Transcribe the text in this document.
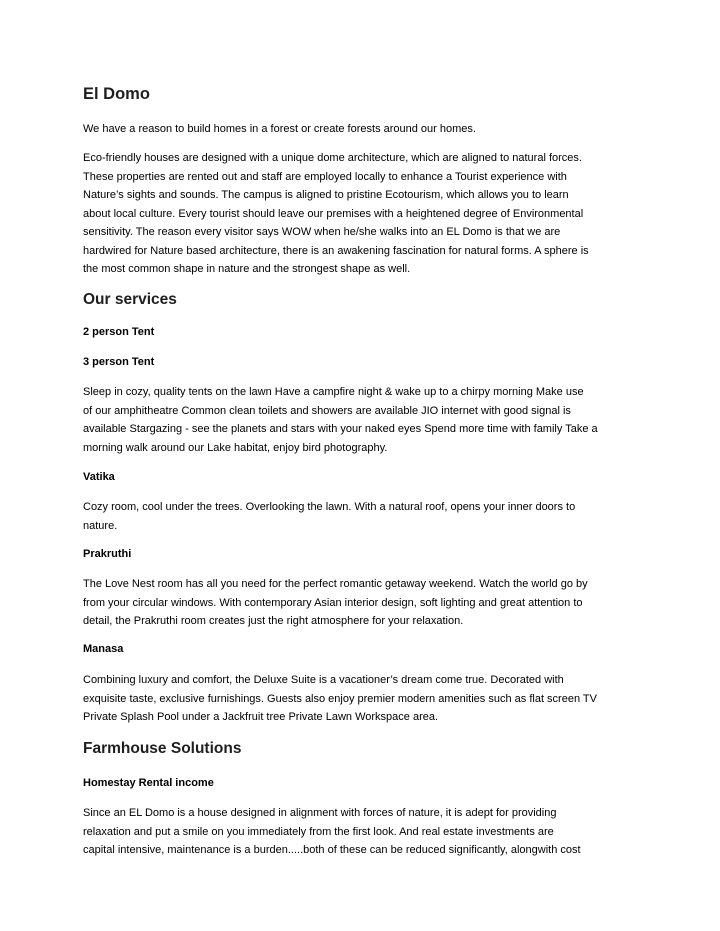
El Domo
We have a reason to build homes in a forest or create forests around our homes.
Eco-friendly houses are designed with a unique dome architecture, which are aligned to natural forces.
These properties are rented out and staff are employed locally to enhance a Tourist experience with
Nature’s sights and sounds. The campus is aligned to pristine Ecotourism, which allows you to learn
about local culture. Every tourist should leave our premises with a heightened degree of Environmental
sensitivity. The reason every visitor says WOW when he/she walks into an EL Domo is that we are
hardwired for Nature based architecture, there is an awakening fascination for natural forms. A sphere is
the most common shape in nature and the strongest shape as well.
Our services
2 person Tent
3 person Tent
Sleep in cozy, quality tents on the lawn Have a campfire night & wake up to a chirpy morning Make use
of our amphitheatre Common clean toilets and showers are available JIO internet with good signal is
available Stargazing - see the planets and stars with your naked eyes Spend more time with family Take a
morning walk around our Lake habitat, enjoy bird photography.
Vatika
Cozy room, cool under the trees. Overlooking the lawn. With a natural roof, opens your inner doors to
nature.
Prakruthi
The Love Nest room has all you need for the perfect romantic getaway weekend. Watch the world go by
from your circular windows. With contemporary Asian interior design, soft lighting and great attention to
detail, the Prakruthi room creates just the right atmosphere for your relaxation.
Manasa
Combining luxury and comfort, the Deluxe Suite is a vacationer’s dream come true. Decorated with
exquisite taste, exclusive furnishings. Guests also enjoy premier modern amenities such as flat screen TV
Private Splash Pool under a Jackfruit tree Private Lawn Workspace area.
Farmhouse Solutions
Homestay Rental income
Since an EL Domo is a house designed in alignment with forces of nature, it is adept for providing
relaxation and put a smile on you immediately from the first look. And real estate investments are
capital intensive, maintenance is a burden.....both of these can be reduced significantly, alongwith cost
